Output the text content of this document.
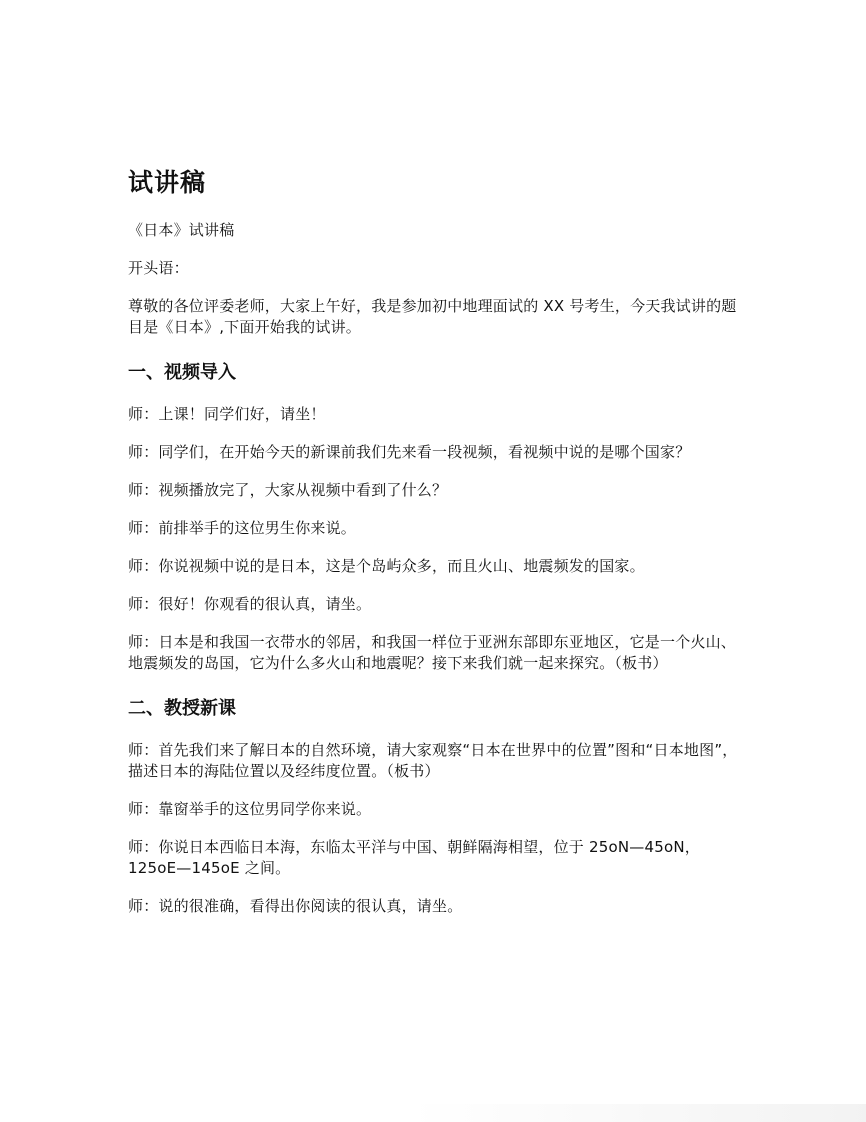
试讲稿

《日本》试讲稿

开头语：

尊敬的各位评委老师，大家上午好，我是参加初中地理面试的 XX 号考生，今天我试讲的题目是《日本》,下面开始我的试讲。

一、视频导入

师：上课！同学们好，请坐！

师：同学们，在开始今天的新课前我们先来看一段视频，看视频中说的是哪个国家？

师：视频播放完了，大家从视频中看到了什么？

师：前排举手的这位男生你来说。

师：你说视频中说的是日本，这是个岛屿众多，而且火山、地震频发的国家。

师：很好！你观看的很认真，请坐。

师：日本是和我国一衣带水的邻居，和我国一样位于亚洲东部即东亚地区，它是一个火山、地震频发的岛国，它为什么多火山和地震呢？接下来我们就一起来探究。（板书）

二、教授新课

师：首先我们来了解日本的自然环境，请大家观察“日本在世界中的位置”图和“日本地图”，描述日本的海陆位置以及经纬度位置。（板书）

师：靠窗举手的这位男同学你来说。

师：你说日本西临日本海，东临太平洋与中国、朝鲜隔海相望，位于 25oN—45oN，125oE—145oE 之间。

师：说的很准确，看得出你阅读的很认真，请坐。
